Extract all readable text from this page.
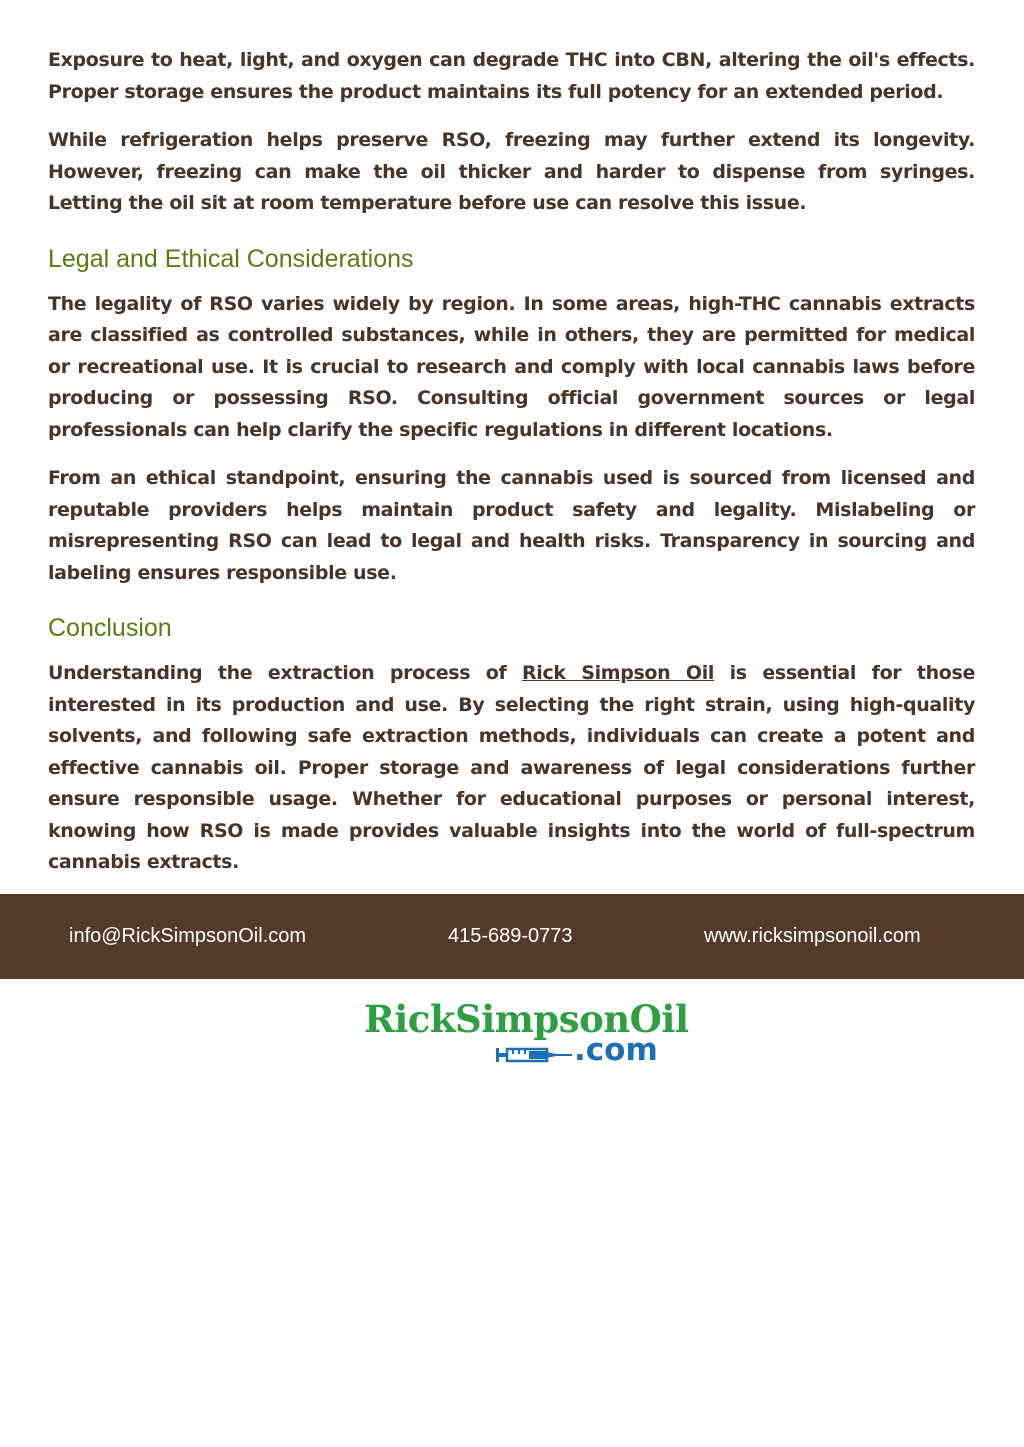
Exposure to heat, light, and oxygen can degrade THC into CBN, altering the oil's effects. Proper storage ensures the product maintains its full potency for an extended period.

While refrigeration helps preserve RSO, freezing may further extend its longevity. However, freezing can make the oil thicker and harder to dispense from syringes. Letting the oil sit at room temperature before use can resolve this issue.

Legal and Ethical Considerations

The legality of RSO varies widely by region. In some areas, high-THC cannabis extracts are classified as controlled substances, while in others, they are permitted for medical or recreational use. It is crucial to research and comply with local cannabis laws before producing or possessing RSO. Consulting official government sources or legal professionals can help clarify the specific regulations in different locations.

From an ethical standpoint, ensuring the cannabis used is sourced from licensed and reputable providers helps maintain product safety and legality. Mislabeling or misrepresenting RSO can lead to legal and health risks. Transparency in sourcing and labeling ensures responsible use.

Conclusion

Understanding the extraction process of Rick Simpson Oil is essential for those interested in its production and use. By selecting the right strain, using high-quality solvents, and following safe extraction methods, individuals can create a potent and effective cannabis oil. Proper storage and awareness of legal considerations further ensure responsible usage. Whether for educational purposes or personal interest, knowing how RSO is made provides valuable insights into the world of full-spectrum cannabis extracts.

info@RickSimpsonOil.com	415-689-0773	www.ricksimpsonoil.com
RickSimpsonOil
.com
